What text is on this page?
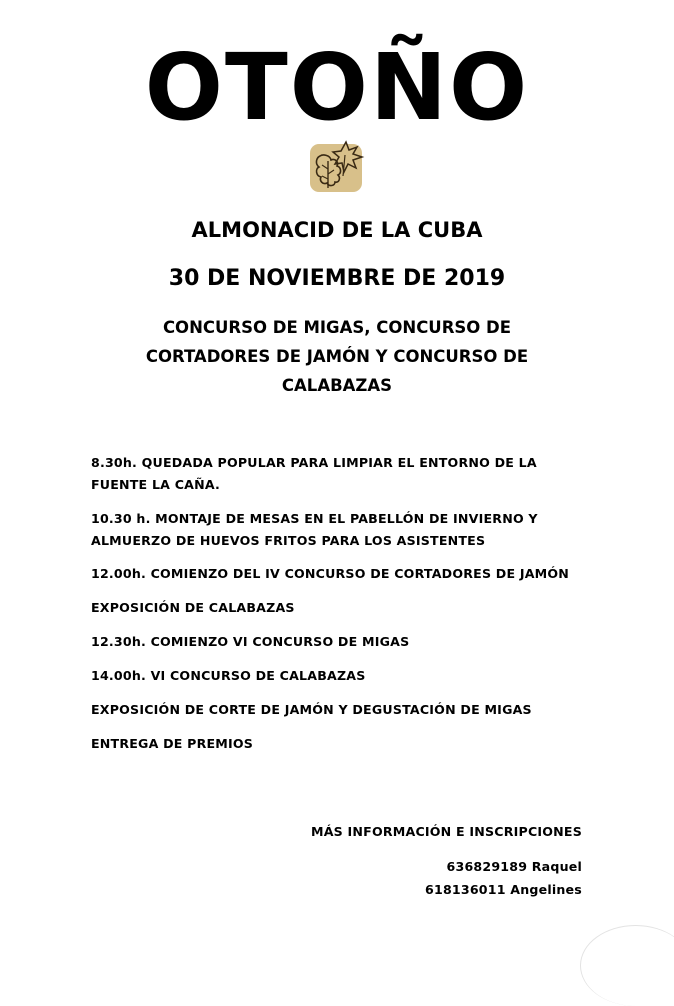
OTOÑO
ALMONACID DE LA CUBA
30 DE NOVIEMBRE DE 2019
CONCURSO DE MIGAS, CONCURSO DE
CORTADORES DE JAMÓN Y CONCURSO DE
CALABAZAS
8.30h. QUEDADA POPULAR PARA LIMPIAR EL ENTORNO DE LA FUENTE LA CAÑA.
10.30 h. MONTAJE DE MESAS EN EL PABELLÓN DE INVIERNO Y ALMUERZO DE HUEVOS FRITOS PARA LOS ASISTENTES
12.00h. COMIENZO DEL IV CONCURSO DE CORTADORES DE JAMÓN
EXPOSICIÓN DE CALABAZAS
12.30h. COMIENZO VI CONCURSO DE MIGAS
14.00h. VI CONCURSO DE CALABAZAS
EXPOSICIÓN DE CORTE DE JAMÓN Y DEGUSTACIÓN DE MIGAS
ENTREGA DE PREMIOS
MÁS INFORMACIÓN E INSCRIPCIONES
636829189 Raquel
618136011 Angelines
